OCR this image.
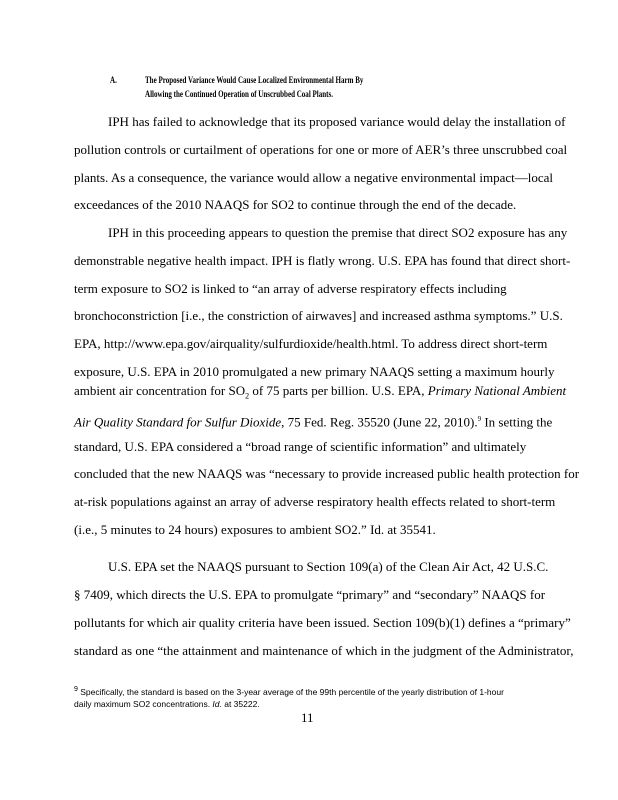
A.	The Proposed Variance Would Cause Localized Environmental Harm By
Allowing the Continued Operation of Unscrubbed Coal Plants.
IPH has failed to acknowledge that its proposed variance would delay the installation of
pollution controls or curtailment of operations for one or more of AER’s three unscrubbed coal
plants. As a consequence, the variance would allow a negative environmental impact—local
exceedances of the 2010 NAAQS for SO2 to continue through the end of the decade.
IPH in this proceeding appears to question the premise that direct SO2 exposure has any
demonstrable negative health impact. IPH is flatly wrong. U.S. EPA has found that direct short-
term exposure to SO2 is linked to “an array of adverse respiratory effects including
bronchoconstriction [i.e., the constriction of airwaves] and increased asthma symptoms.” U.S.
EPA, http://www.epa.gov/airquality/sulfurdioxide/health.html. To address direct short-term
exposure, U.S. EPA in 2010 promulgated a new primary NAAQS setting a maximum hourly
standard, U.S. EPA considered a “broad range of scientific information” and ultimately
concluded that the new NAAQS was “necessary to provide increased public health protection for
at-risk populations against an array of adverse respiratory health effects related to short-term
(i.e., 5 minutes to 24 hours) exposures to ambient SO2.” Id. at 35541.
U.S. EPA set the NAAQS pursuant to Section 109(a) of the Clean Air Act, 42 U.S.C.
§ 7409, which directs the U.S. EPA to promulgate “primary” and “secondary” NAAQS for
pollutants for which air quality criteria have been issued. Section 109(b)(1) defines a “primary”
standard as one “the attainment and maintenance of which in the judgment of the Administrator,
ambient air concentration for $SO_2$ of 75 parts per billion. U.S. EPA, Primary National Ambient
Air Quality Standard for Sulfur Dioxide, 75 Fed. Reg. 35520 (June 22, 2010).$^9$ In setting the
$^9$ Specifically, the standard is based on the 3-year average of the 99th percentile of the yearly distribution of 1-hour
daily maximum SO2 concentrations. Id. at 35222.
11
